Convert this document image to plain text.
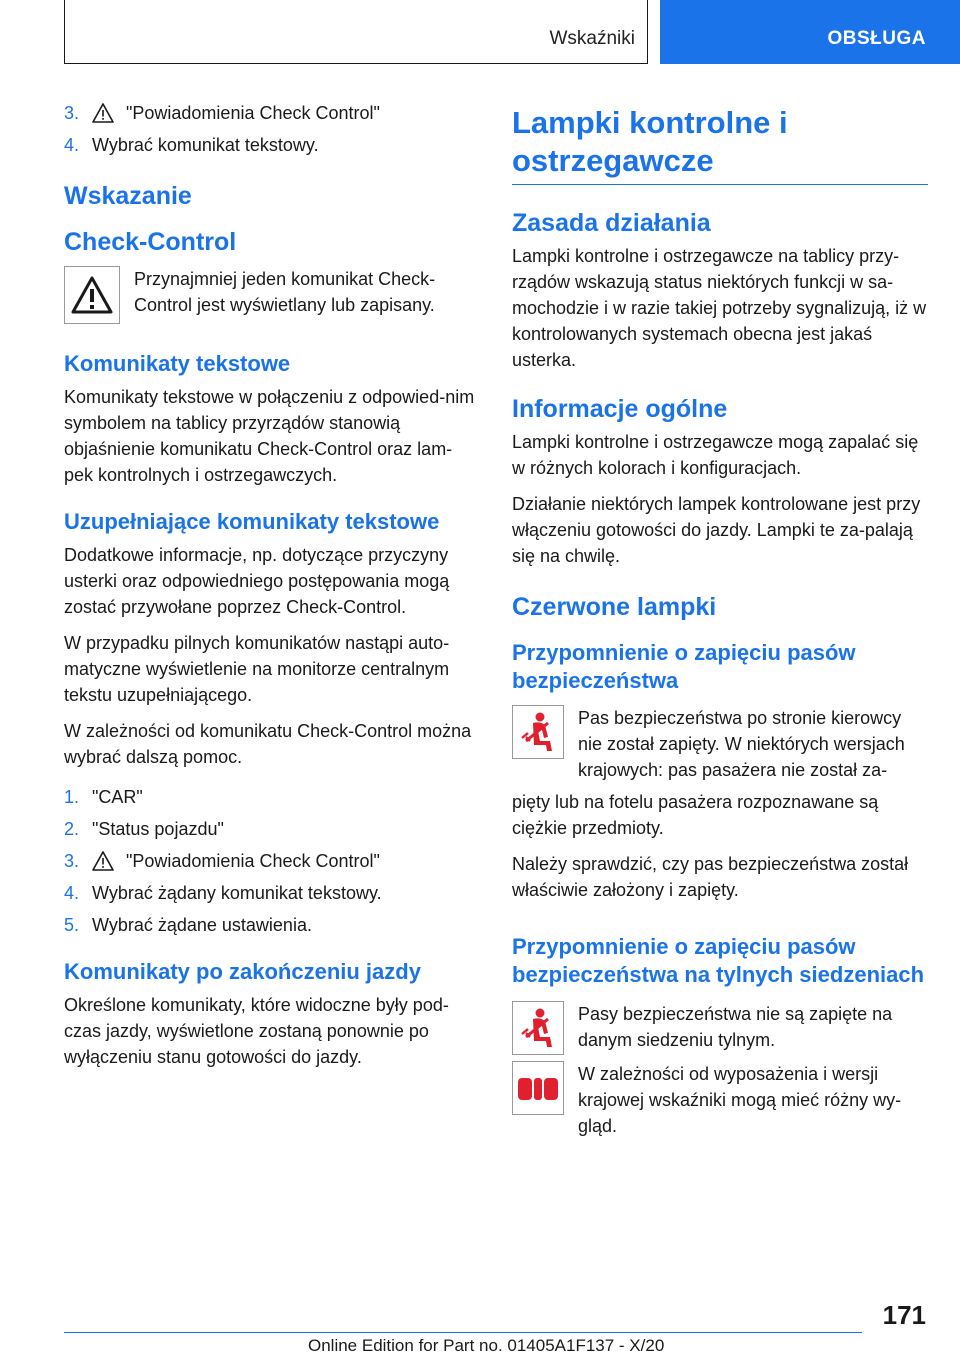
Wskaźniki	OBSŁUGA
3.	"Powiadomienia Check Control"
4. Wybrać komunikat tekstowy.
Wskazanie
Check-Control

Przynajmniej jeden komunikat Check-Control jest wyświetlany lub zapisany.

Komunikaty tekstowe

Komunikaty tekstowe w połączeniu z odpowied-nim symbolem na tablicy przyrządów stanowią objaśnienie komunikatu Check-Control oraz lam-pek kontrolnych i ostrzegawczych.

Uzupełniające komunikaty tekstowe

Dodatkowe informacje, np. dotyczące przyczyny usterki oraz odpowiedniego postępowania mogą zostać przywołane poprzez Check-Control.

W przypadku pilnych komunikatów nastąpi auto-matyczne wyświetlenie na monitorze centralnym tekstu uzupełniającego.

W zależności od komunikatu Check-Control można wybrać dalszą pomoc.

1. "CAR"
2. "Status pojazdu"
3.	"Powiadomienia Check Control"
4. Wybrać żądany komunikat tekstowy.
5. Wybrać żądane ustawienia.
Komunikaty po zakończeniu jazdy

Określone komunikaty, które widoczne były pod-czas jazdy, wyświetlone zostaną ponownie po wyłączeniu stanu gotowości do jazdy.

Lampki kontrolne i ostrzegawcze
Zasada działania

Lampki kontrolne i ostrzegawcze na tablicy przy-rządów wskazują status niektórych funkcji w sa-mochodzie i w razie takiej potrzeby sygnalizują, iż w kontrolowanych systemach obecna jest jakaś usterka.

Informacje ogólne

Lampki kontrolne i ostrzegawcze mogą zapalać się w różnych kolorach i konfiguracjach.

Działanie niektórych lampek kontrolowane jest przy włączeniu gotowości do jazdy. Lampki te za-palają się na chwilę.

Czerwone lampki
Przypomnienie o zapięciu pasów bezpieczeństwa

Pas bezpieczeństwa po stronie kierowcy nie został zapięty. W niektórych wersjach krajowych: pas pasażera nie został za-

pięty lub na fotelu pasażera rozpoznawane są ciężkie przedmioty.

Należy sprawdzić, czy pas bezpieczeństwa został właściwie założony i zapięty.

Przypomnienie o zapięciu pasów bezpieczeństwa na tylnych siedzeniach

Pasy bezpieczeństwa nie są zapięte na danym siedzeniu tylnym.

W zależności od wyposażenia i wersji krajowej wskaźniki mogą mieć różny wy-gląd.

171
Online Edition for Part no. 01405A1F137 - X/20
